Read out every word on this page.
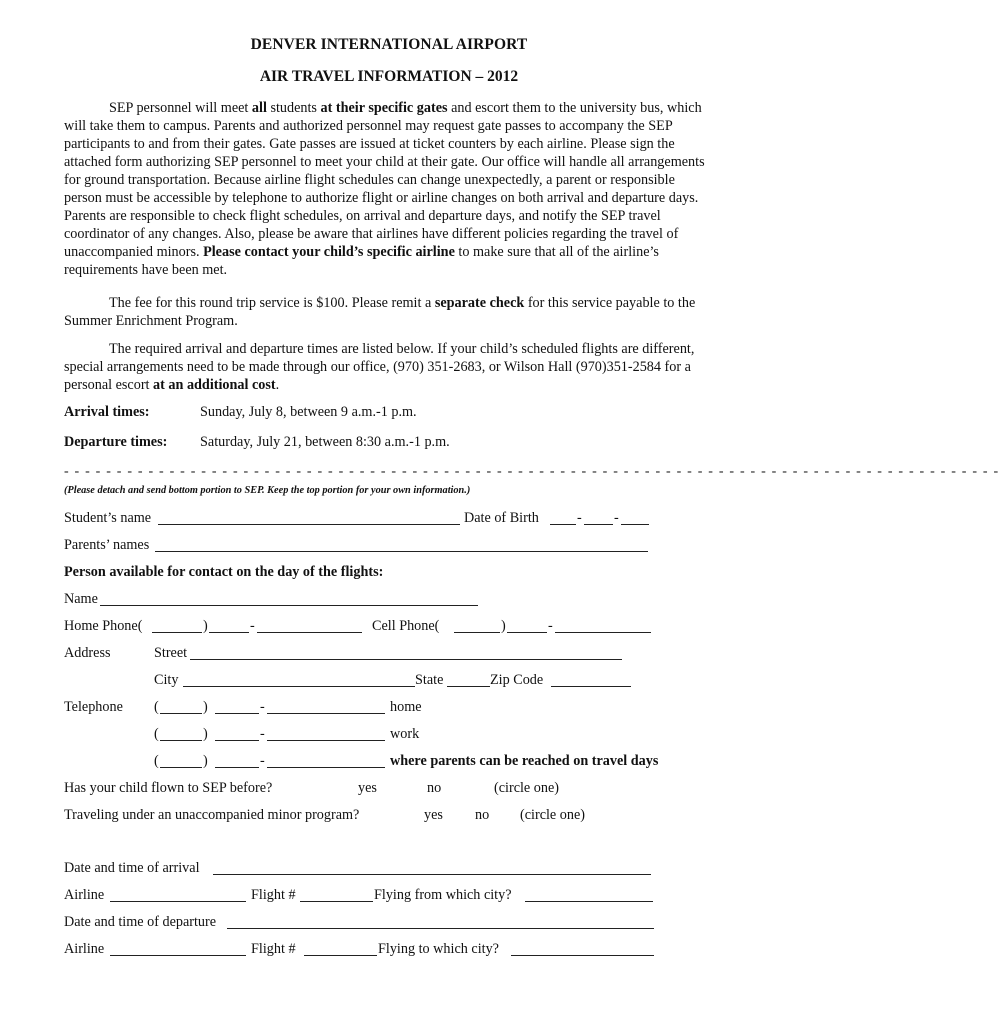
DENVER INTERNATIONAL AIRPORT
AIR TRAVEL INFORMATION – 2012

SEP personnel will meet all students at their specific gates and escort them to the university bus, which will take them to campus. Parents and authorized personnel may request gate passes to accompany the SEP participants to and from their gates. Gate passes are issued at ticket counters by each airline. Please sign the attached form authorizing SEP personnel to meet your child at their gate. Our office will handle all arrangements for ground transportation. Because airline flight schedules can change unexpectedly, a parent or responsible person must be accessible by telephone to authorize flight or airline changes on both arrival and departure days. Parents are responsible to check flight schedules, on arrival and departure days, and notify the SEP travel coordinator of any changes. Also, please be aware that airlines have different policies regarding the travel of unaccompanied minors. Please contact your child’s specific airline to make sure that all of the airline’s requirements have been met.

The fee for this round trip service is $100. Please remit a separate check for this service payable to the Summer Enrichment Program.

The required arrival and departure times are listed below. If your child’s scheduled flights are different, special arrangements need to be made through our office, (970) 351-2683, or Wilson Hall (970)351-2584 for a personal escort at an additional cost.

Arrival times:	Sunday, July 8, between 9 a.m.-1 p.m.
Departure times:	Saturday, July 21, between 8:30 a.m.-1 p.m.
- - - - - - - - - - - - - - - - - - - - - - - - - - - - - - - - - - - - - - - - - - - - - - - - - - - - - - - - - - - - - - - - - - - - - - - - - - - - - - - - - - - - - - - - -
(Please detach and send bottom portion to SEP. Keep the top portion for your own information.)
Student’s name	Date of Birth	- -
Parents’ names
Person available for contact on the day of the flights:
Name
Home Phone(	)	-	Cell Phone(	)	-
Address	Street
City	State	Zip Code
Telephone (	)	-	home
(	)	-	work
(	)	-	where parents can be reached on travel days
Has your child flown to SEP before?	yes	no	(circle one)
Traveling under an unaccompanied minor program?	yes no (circle one)
Date and time of arrival
Airline	Flight #	Flying from which city?
Date and time of departure
Airline	Flight #	Flying to which city?
